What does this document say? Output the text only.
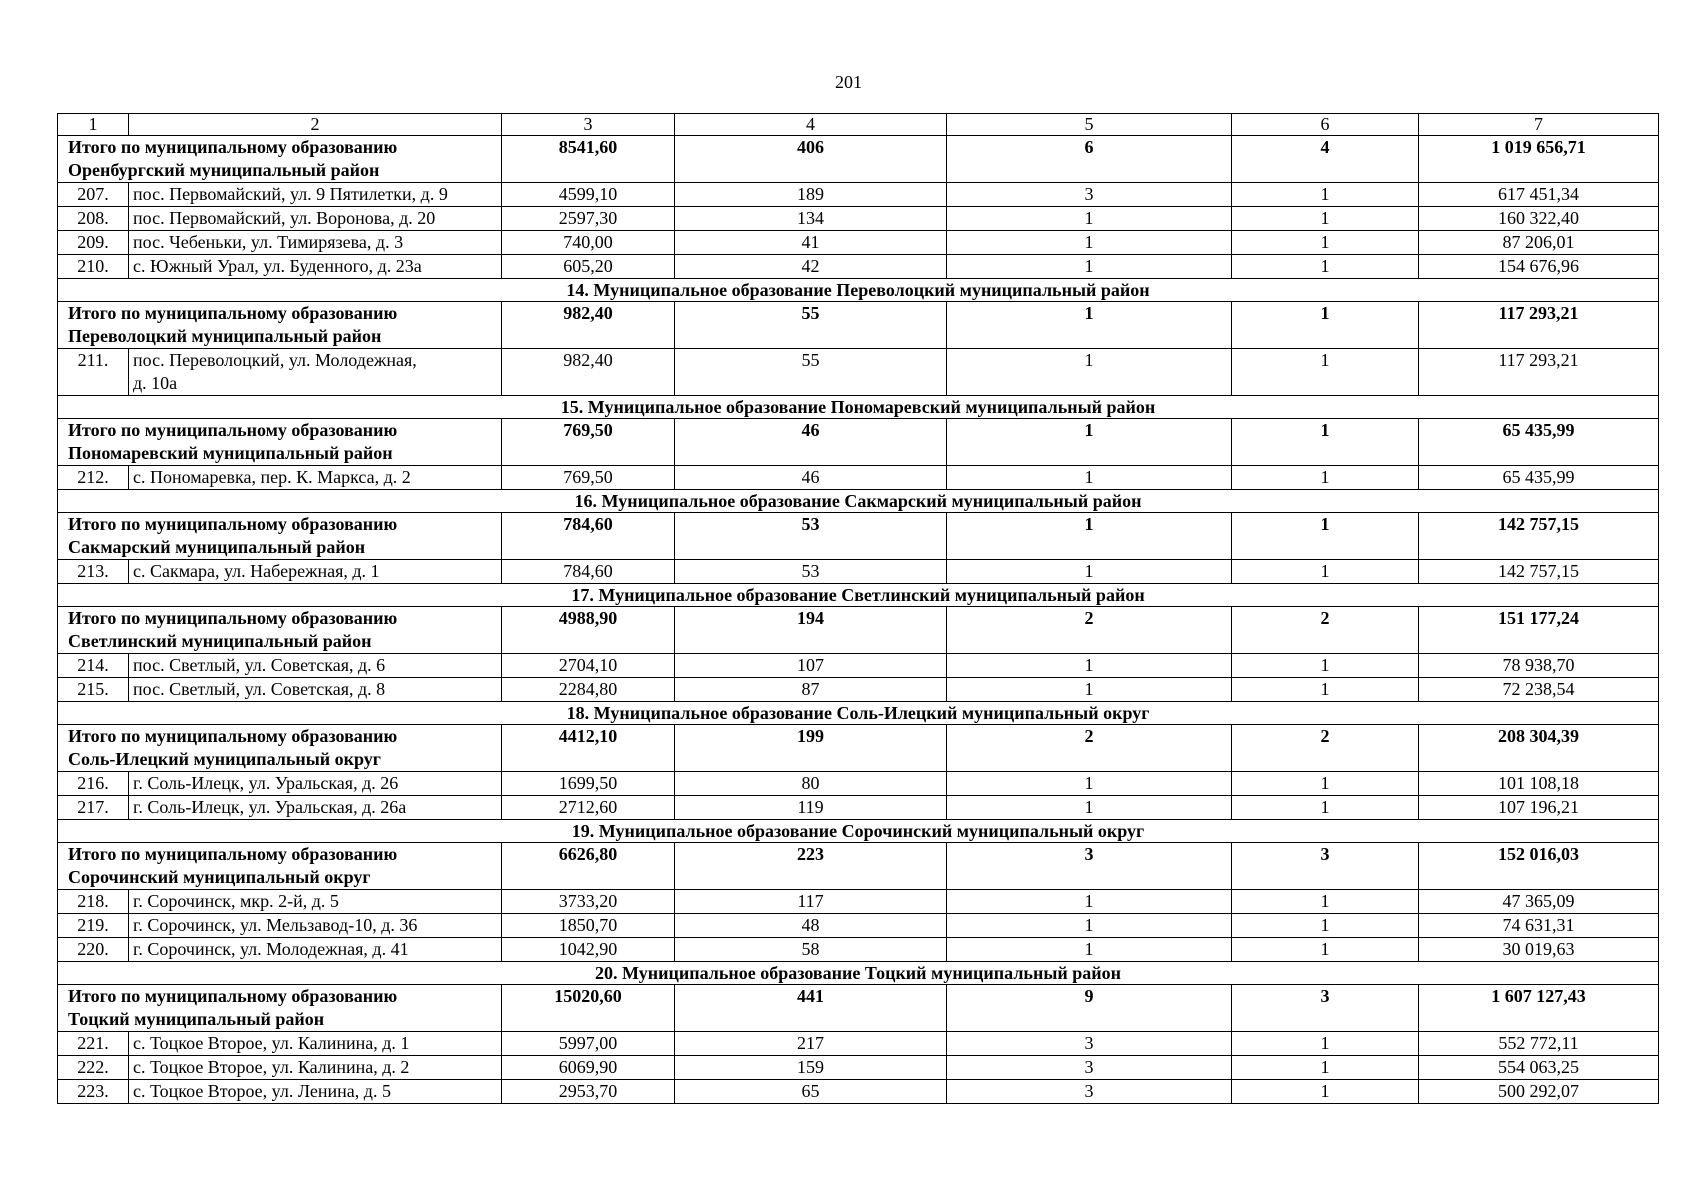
201
1	2	3	4	5	6	7

Итого по муниципальному образованию
Оренбургский муниципальный район		8541,60	406	6	4	1 019 656,71
207.	пос. Первомайский, ул. 9 Пятилетки, д. 9	4599,10	189	3	1	617 451,34
208.	пос. Первомайский, ул. Воронова, д. 20	2597,30	134	1	1	160 322,40
209.	пос. Чебеньки, ул. Тимирязева, д. 3	740,00	41	1	1	87 206,01
210.	с. Южный Урал, ул. Буденного, д. 23а	605,20	42	1	1	154 676,96
14. Муниципальное образование Переволоцкий муниципальный район						

Итого по муниципальному образованию
Переволоцкий муниципальный район		982,40	55	1	1	117 293,21
211.	пос. Переволоцкий, ул. Молодежная,
д. 10а	982,40	55	1	1	117 293,21
15. Муниципальное образование Пономаревский муниципальный район						

Итого по муниципальному образованию
Пономаревский муниципальный район		769,50	46	1	1	65 435,99
212.	с. Пономаревка, пер. К. Маркса, д. 2	769,50	46	1	1	65 435,99
16. Муниципальное образование Сакмарский муниципальный район						

Итого по муниципальному образованию
Сакмарский муниципальный район		784,60	53	1	1	142 757,15
213.	с. Сакмара, ул. Набережная, д. 1	784,60	53	1	1	142 757,15
17. Муниципальное образование Светлинский муниципальный район						

Итого по муниципальному образованию
Светлинский муниципальный район		4988,90	194	2	2	151 177,24
214.	пос. Светлый, ул. Советская, д. 6	2704,10	107	1	1	78 938,70
215.	пос. Светлый, ул. Советская, д. 8	2284,80	87	1	1	72 238,54
18. Муниципальное образование Соль-Илецкий муниципальный округ						

Итого по муниципальному образованию
Соль-Илецкий муниципальный округ		4412,10	199	2	2	208 304,39
216.	г. Соль-Илецк, ул. Уральская, д. 26	1699,50	80	1	1	101 108,18
217.	г. Соль-Илецк, ул. Уральская, д. 26а	2712,60	119	1	1	107 196,21
19. Муниципальное образование Сорочинский муниципальный округ						

Итого по муниципальному образованию
Сорочинский муниципальный округ		6626,80	223	3	3	152 016,03
218.	г. Сорочинск, мкр. 2-й, д. 5	3733,20	117	1	1	47 365,09
219.	г. Сорочинск, ул. Мельзавод-10, д. 36	1850,70	48	1	1	74 631,31
220.	г. Сорочинск, ул. Молодежная, д. 41	1042,90	58	1	1	30 019,63
20. Муниципальное образование Тоцкий муниципальный район						

Итого по муниципальному образованию
Тоцкий муниципальный район		15020,60	441	9	3	1 607 127,43
221.	с. Тоцкое Второе, ул. Калинина, д. 1	5997,00	217	3	1	552 772,11
222.	с. Тоцкое Второе, ул. Калинина, д. 2	6069,90	159	3	1	554 063,25
223.	с. Тоцкое Второе, ул. Ленина, д. 5	2953,70	65	3	1	500 292,07
